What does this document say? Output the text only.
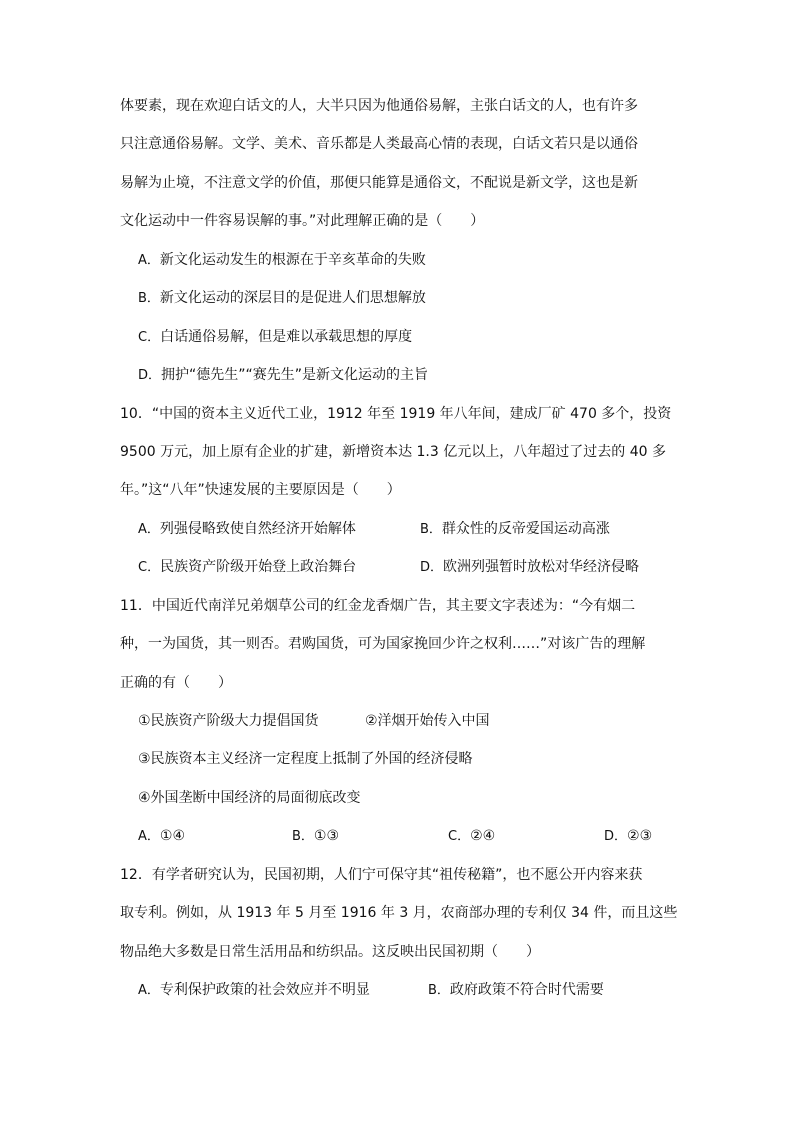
体要素，现在欢迎白话文的人，大半只因为他通俗易解，主张白话文的人，也有许多
只注意通俗易解。文学、美术、音乐都是人类最高心情的表现，白话文若只是以通俗
易解为止境，不注意文学的价值，那便只能算是通俗文，不配说是新文学，这也是新
文化运动中一件容易误解的事。”对此理解正确的是（　　）
A．新文化运动发生的根源在于辛亥革命的失败
B．新文化运动的深层目的是促进人们思想解放
C．白话通俗易解，但是难以承载思想的厚度
D．拥护“德先生”“赛先生”是新文化运动的主旨
10．“中国的资本主义近代工业，1912 年至 1919 年八年间，建成厂矿 470 多个，投资
9500 万元，加上原有企业的扩建，新增资本达 1.3 亿元以上，八年超过了过去的 40 多
年。”这“八年”快速发展的主要原因是（　　）
A．列强侵略致使自然经济开始解体	B．群众性的反帝爱国运动高涨
C．民族资产阶级开始登上政治舞台	D．欧洲列强暂时放松对华经济侵略
11．中国近代南洋兄弟烟草公司的红金龙香烟广告，其主要文字表述为：“今有烟二
种，一为国货，其一则否。君购国货，可为国家挽回少许之权利……”对该广告的理解
正确的有（　　）
①民族资产阶级大力提倡国货	②洋烟开始传入中国
③民族资本主义经济一定程度上抵制了外国的经济侵略
④外国垄断中国经济的局面彻底改变
A．①④	B．①③	C．②④	D．②③
12．有学者研究认为，民国初期，人们宁可保守其“祖传秘籍”，也不愿公开内容来获
取专利。例如，从 1913 年 5 月至 1916 年 3 月，农商部办理的专利仅 34 件，而且这些
物品绝大多数是日常生活用品和纺织品。这反映出民国初期（　　）
A．专利保护政策的社会效应并不明显	B．政府政策不符合时代需要
